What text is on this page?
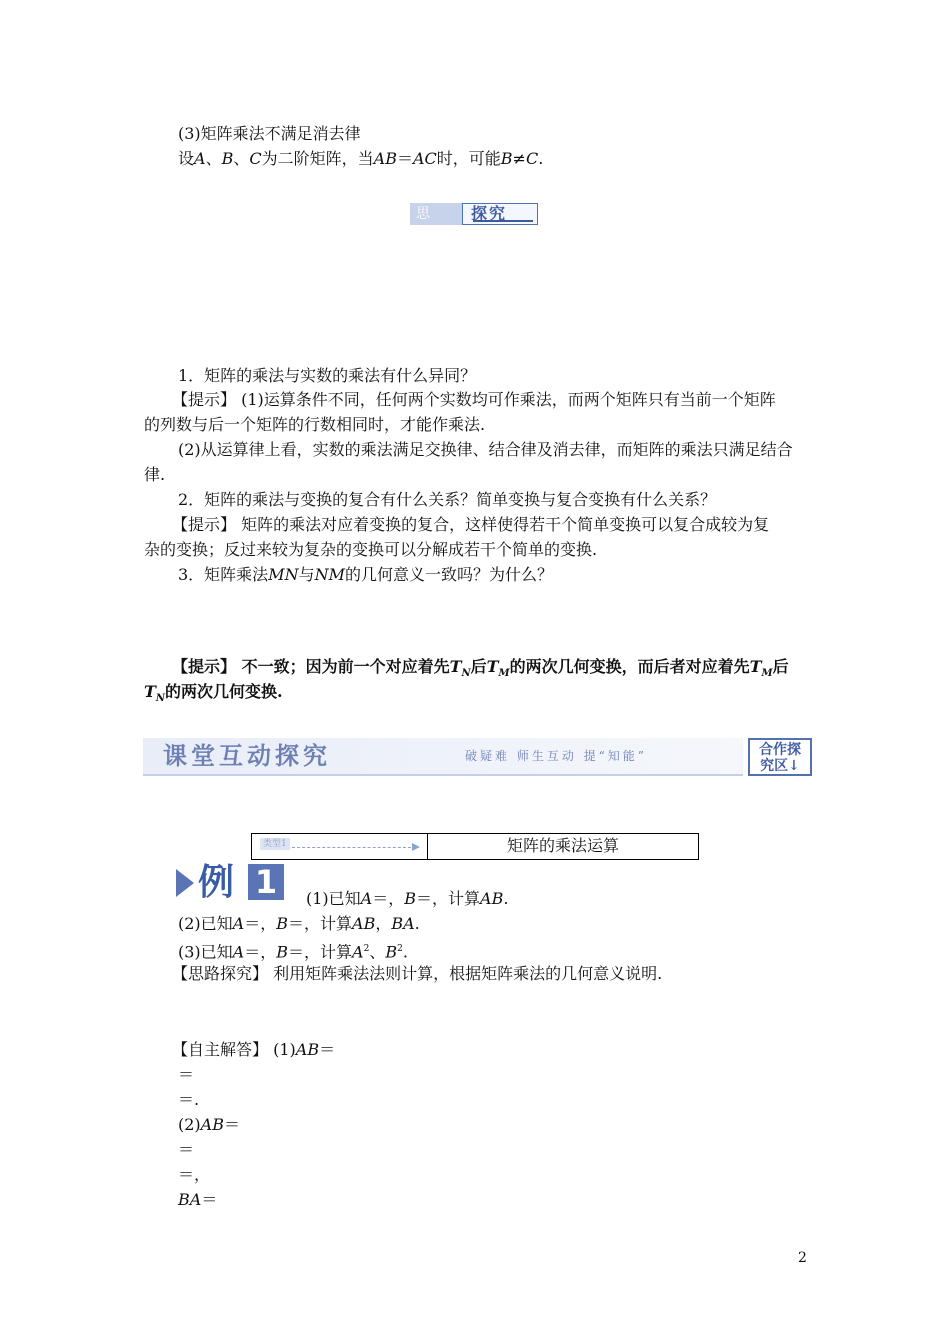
(3)矩阵乘法不满足消去律
设A、B、C为二阶矩阵，当AB＝AC时，可能B≠C.
思 考
探究
1．矩阵的乘法与实数的乘法有什么异同？
【提示】 (1)运算条件不同，任何两个实数均可作乘法，而两个矩阵只有当前一个矩阵
的列数与后一个矩阵的行数相同时，才能作乘法.
(2)从运算律上看，实数的乘法满足交换律、结合律及消去律，而矩阵的乘法只满足结合
律.
2．矩阵的乘法与变换的复合有什么关系？简单变换与复合变换有什么关系？
【提示】 矩阵的乘法对应着变换的复合，这样使得若干个简单变换可以复合成较为复
杂的变换；反过来较为复杂的变换可以分解成若干个简单的变换.
3．矩阵乘法MN与NM的几何意义一致吗？为什么？
【提示】 不一致；因为前一个对应着先$T_N$后$T_M$的两次几何变换，而后者对应着先$T_M$后
$T_N$的两次几何变换.
课堂互动探究	破疑难 师生互动 提“知能”	合作探
究区↓
类型1	矩阵的乘法运算
例 1	(1)已知A＝，B＝，计算AB.
(2)已知A＝，B＝，计算AB，BA.
(3)已知A＝，B＝，计算$A^2$、$B^2$.
【思路探究】 利用矩阵乘法法则计算，根据矩阵乘法的几何意义说明.
【自主解答】 (1)AB＝
＝
＝.
(2)AB＝
＝
＝，
BA＝
2
